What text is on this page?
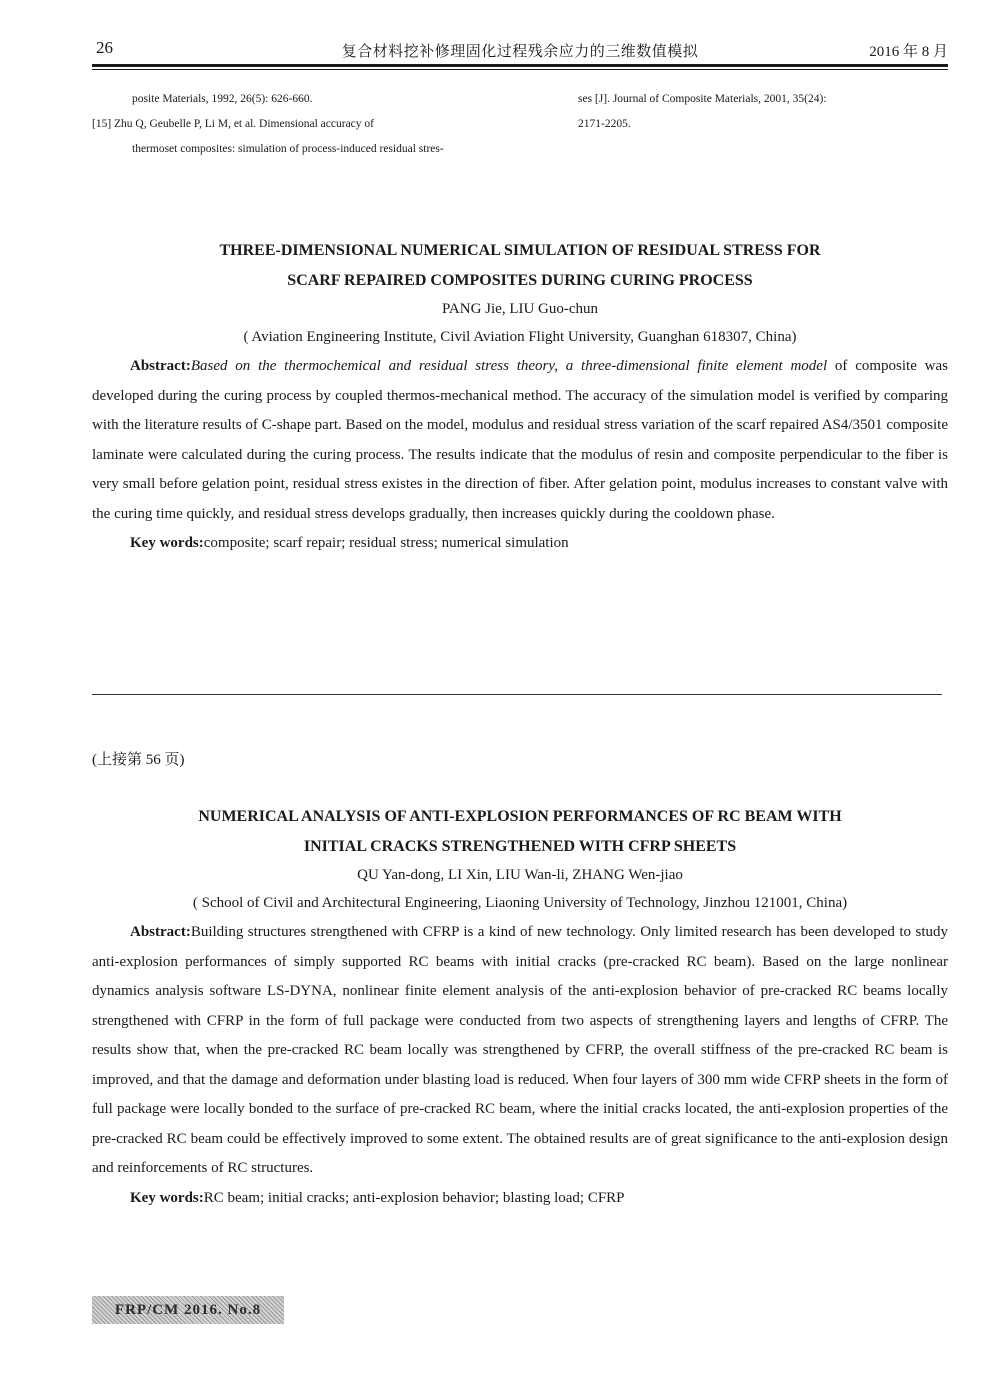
26	复合材料挖补修理固化过程残余应力的三维数值模拟	2016 年 8 月

posite Materials, 1992, 26(5): 626-660.

[15] Zhu Q, Geubelle P, Li M, et al. Dimensional accuracy of

thermoset composites: simulation of process-induced residual stres-

ses [J]. Journal of Composite Materials, 2001, 35(24):

2171-2205.

THREE-DIMENSIONAL NUMERICAL SIMULATION OF RESIDUAL STRESS FOR

SCARF REPAIRED COMPOSITES DURING CURING PROCESS

PANG Jie, LIU Guo-chun

( Aviation Engineering Institute, Civil Aviation Flight University, Guanghan 618307, China)

Abstract:Based on the thermochemical and residual stress theory, a three-dimensional finite element model of composite was developed during the curing process by coupled thermos-mechanical method. The accuracy of the simulation model is verified by comparing with the literature results of C-shape part. Based on the model, modulus and residual stress variation of the scarf repaired AS4/3501 composite laminate were calculated during the curing process. The results indicate that the modulus of resin and composite perpendicular to the fiber is very small before gelation point, residual stress existes in the direction of fiber. After gelation point, modulus increases to constant valve with the curing time quickly, and residual stress develops gradually, then increases quickly during the cooldown phase.

Key words:composite; scarf repair; residual stress; numerical simulation

(上接第 56 页)

NUMERICAL ANALYSIS OF ANTI-EXPLOSION PERFORMANCES OF RC BEAM WITH

INITIAL CRACKS STRENGTHENED WITH CFRP SHEETS

QU Yan-dong, LI Xin, LIU Wan-li, ZHANG Wen-jiao

( School of Civil and Architectural Engineering, Liaoning University of Technology, Jinzhou 121001, China)

Abstract:Building structures strengthened with CFRP is a kind of new technology. Only limited research has been developed to study anti-explosion performances of simply supported RC beams with initial cracks (pre-cracked RC beam). Based on the large nonlinear dynamics analysis software LS-DYNA, nonlinear finite element analysis of the anti-explosion behavior of pre-cracked RC beams locally strengthened with CFRP in the form of full package were conducted from two aspects of strengthening layers and lengths of CFRP. The results show that, when the pre-cracked RC beam locally was strengthened by CFRP, the overall stiffness of the pre-cracked RC beam is improved, and that the damage and deformation under blasting load is reduced. When four layers of 300 mm wide CFRP sheets in the form of full package were locally bonded to the surface of pre-cracked RC beam, where the initial cracks located, the anti-explosion properties of the pre-cracked RC beam could be effectively improved to some extent. The obtained results are of great significance to the anti-explosion design and reinforcements of RC structures.

Key words:RC beam; initial cracks; anti-explosion behavior; blasting load; CFRP

FRP/CM 2016. No.8
